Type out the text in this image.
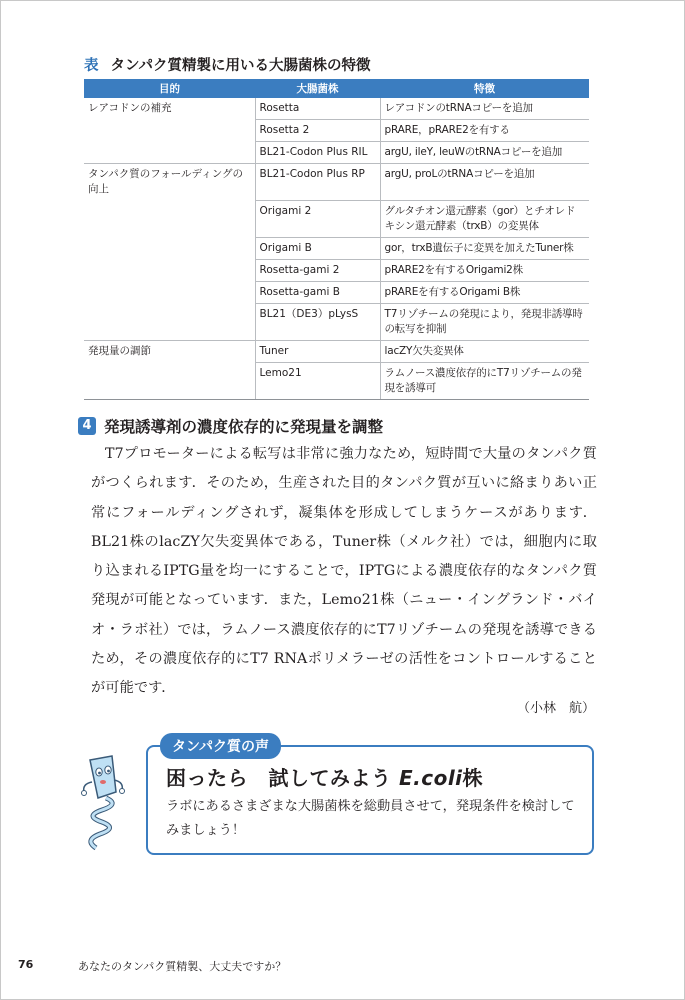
表 タンパク質精製に用いる大腸菌株の特徴
目的	大腸菌株	特徴
レアコドンの補充	Rosetta	レアコドンのtRNAコピーを追加
	Rosetta 2	pRARE，pRARE2を有する
	BL21-Codon Plus RIL	argU, ileY, leuWのtRNAコピーを追加
タンパク質のフォールディングの向上	BL21-Codon Plus RP	argU, proLのtRNAコピーを追加
	Origami 2	グルタチオン還元酵素（gor）とチオレドキシン還元酵素（trxB）の変異体
	Origami B	gor，trxB遺伝子に変異を加えたTuner株
	Rosetta-gami 2	pRARE2を有するOrigami2株
	Rosetta-gami B	pRAREを有するOrigami B株
	BL21（DE3）pLysS	T7リゾチームの発現により，発現非誘導時の転写を抑制
発現量の調節	Tuner	lacZY欠失変異体
	Lemo21	ラムノース濃度依存的にT7リゾチームの発現を誘導可
4 発現誘導剤の濃度依存的に発現量を調整

T7プロモーターによる転写は非常に強力なため，短時間で大量のタンパク質がつくられます．そのため，生産された目的タンパク質が互いに絡まりあい正常にフォールディングされず，凝集体を形成してしまうケースがあります．BL21株のlacZY欠失変異体である，Tuner株（メルク社）では，細胞内に取り込まれるIPTG量を均一にすることで，IPTGによる濃度依存的なタンパク質発現が可能となっています．また，Lemo21株（ニュー・イングランド・バイオ・ラボ社）では，ラムノース濃度依存的にT7リゾチームの発現を誘導できるため，その濃度依存的にT7 RNAポリメラーゼの活性をコントロールすることが可能です．

（小林　航）
タンパク質の声
困ったら　試してみよう E.coli株
ラボにあるさまざまな大腸菌株を総動員させて，発現条件を検討してみましょう！
76	あなたのタンパク質精製、大丈夫ですか？
